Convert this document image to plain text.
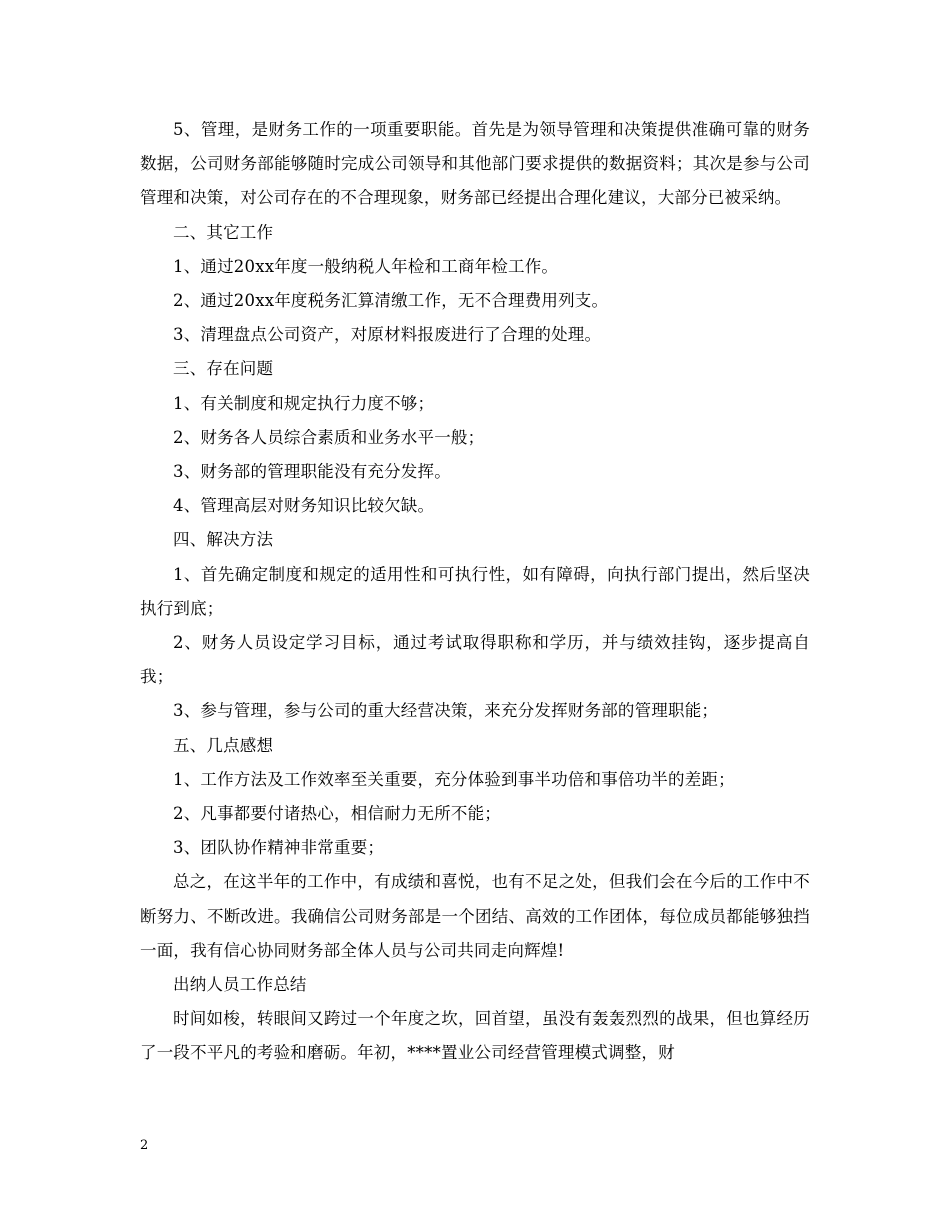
5、管理，是财务工作的一项重要职能。首先是为领导管理和决策提供准确可靠的财务数据，公司财务部能够随时完成公司领导和其他部门要求提供的数据资料；其次是参与公司管理和决策，对公司存在的不合理现象，财务部已经提出合理化建议，大部分已被采纳。

二、其它工作

1、通过20xx年度一般纳税人年检和工商年检工作。

2、通过20xx年度税务汇算清缴工作，无不合理费用列支。

3、清理盘点公司资产，对原材料报废进行了合理的处理。

三、存在问题

1、有关制度和规定执行力度不够；

2、财务各人员综合素质和业务水平一般；

3、财务部的管理职能没有充分发挥。

4、管理高层对财务知识比较欠缺。

四、解决方法

1、首先确定制度和规定的适用性和可执行性，如有障碍，向执行部门提出，然后坚决执行到底；

2、财务人员设定学习目标，通过考试取得职称和学历，并与绩效挂钩，逐步提高自我；

3、参与管理，参与公司的重大经营决策，来充分发挥财务部的管理职能；

五、几点感想

1、工作方法及工作效率至关重要，充分体验到事半功倍和事倍功半的差距；

2、凡事都要付诸热心，相信耐力无所不能；

3、团队协作精神非常重要；

总之，在这半年的工作中，有成绩和喜悦，也有不足之处，但我们会在今后的工作中不断努力、不断改进。我确信公司财务部是一个团结、高效的工作团体，每位成员都能够独挡一面，我有信心协同财务部全体人员与公司共同走向辉煌!

出纳人员工作总结

时间如梭，转眼间又跨过一个年度之坎，回首望，虽没有轰轰烈烈的战果，但也算经历了一段不平凡的考验和磨砺。年初，****置业公司经营管理模式调整，财

2
